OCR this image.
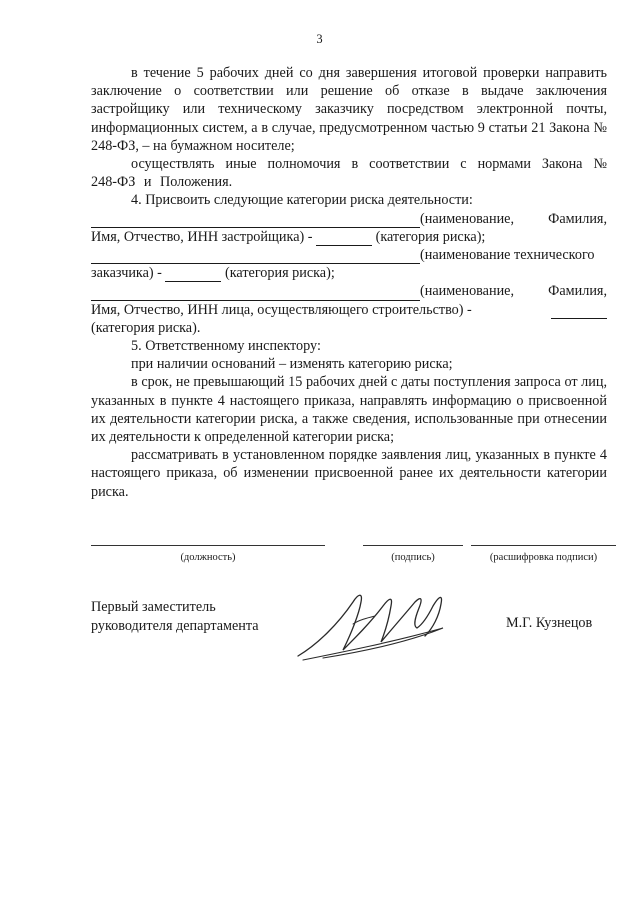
3

в течение 5 рабочих дней со дня завершения итоговой проверки направить заключение о соответствии или решение об отказе в выдаче заключения застройщику или техническому заказчику посредством электронной почты, информационных систем, а в случае, предусмотренном частью 9 статьи 21 Закона № 248-ФЗ, – на бумажном носителе;

осуществлять иные полномочия в соответствии с нормами Закона № 248-ФЗ и Положения.

4. Присвоить следующие категории риска деятельности:

(наименование, Фамилия,
Имя, Отчество, ИНН застройщика) -

	(категория риска);
(наименование технического
заказчика) -

	(категория риска);
(наименование, Фамилия,
Имя, Отчество, ИНН лица, осуществляющего строительство) -

(категория риска).

5. Ответственному инспектору:

при наличии оснований – изменять категорию риска;

в срок, не превышающий 15 рабочих дней с даты поступления запроса от лиц, указанных в пункте 4 настоящего приказа, направлять информацию о присвоенной их деятельности категории риска, а также сведения, использованные при отнесении их деятельности к определенной категории риска;

рассматривать в установленном порядке заявления лиц, указанных в пункте 4 настоящего приказа, об изменении присвоенной ранее их деятельности категории риска.

(должность)	(подпись)	(расшифровка подписи)
Первый заместитель
руководителя департамента	М.Г. Кузнецов
